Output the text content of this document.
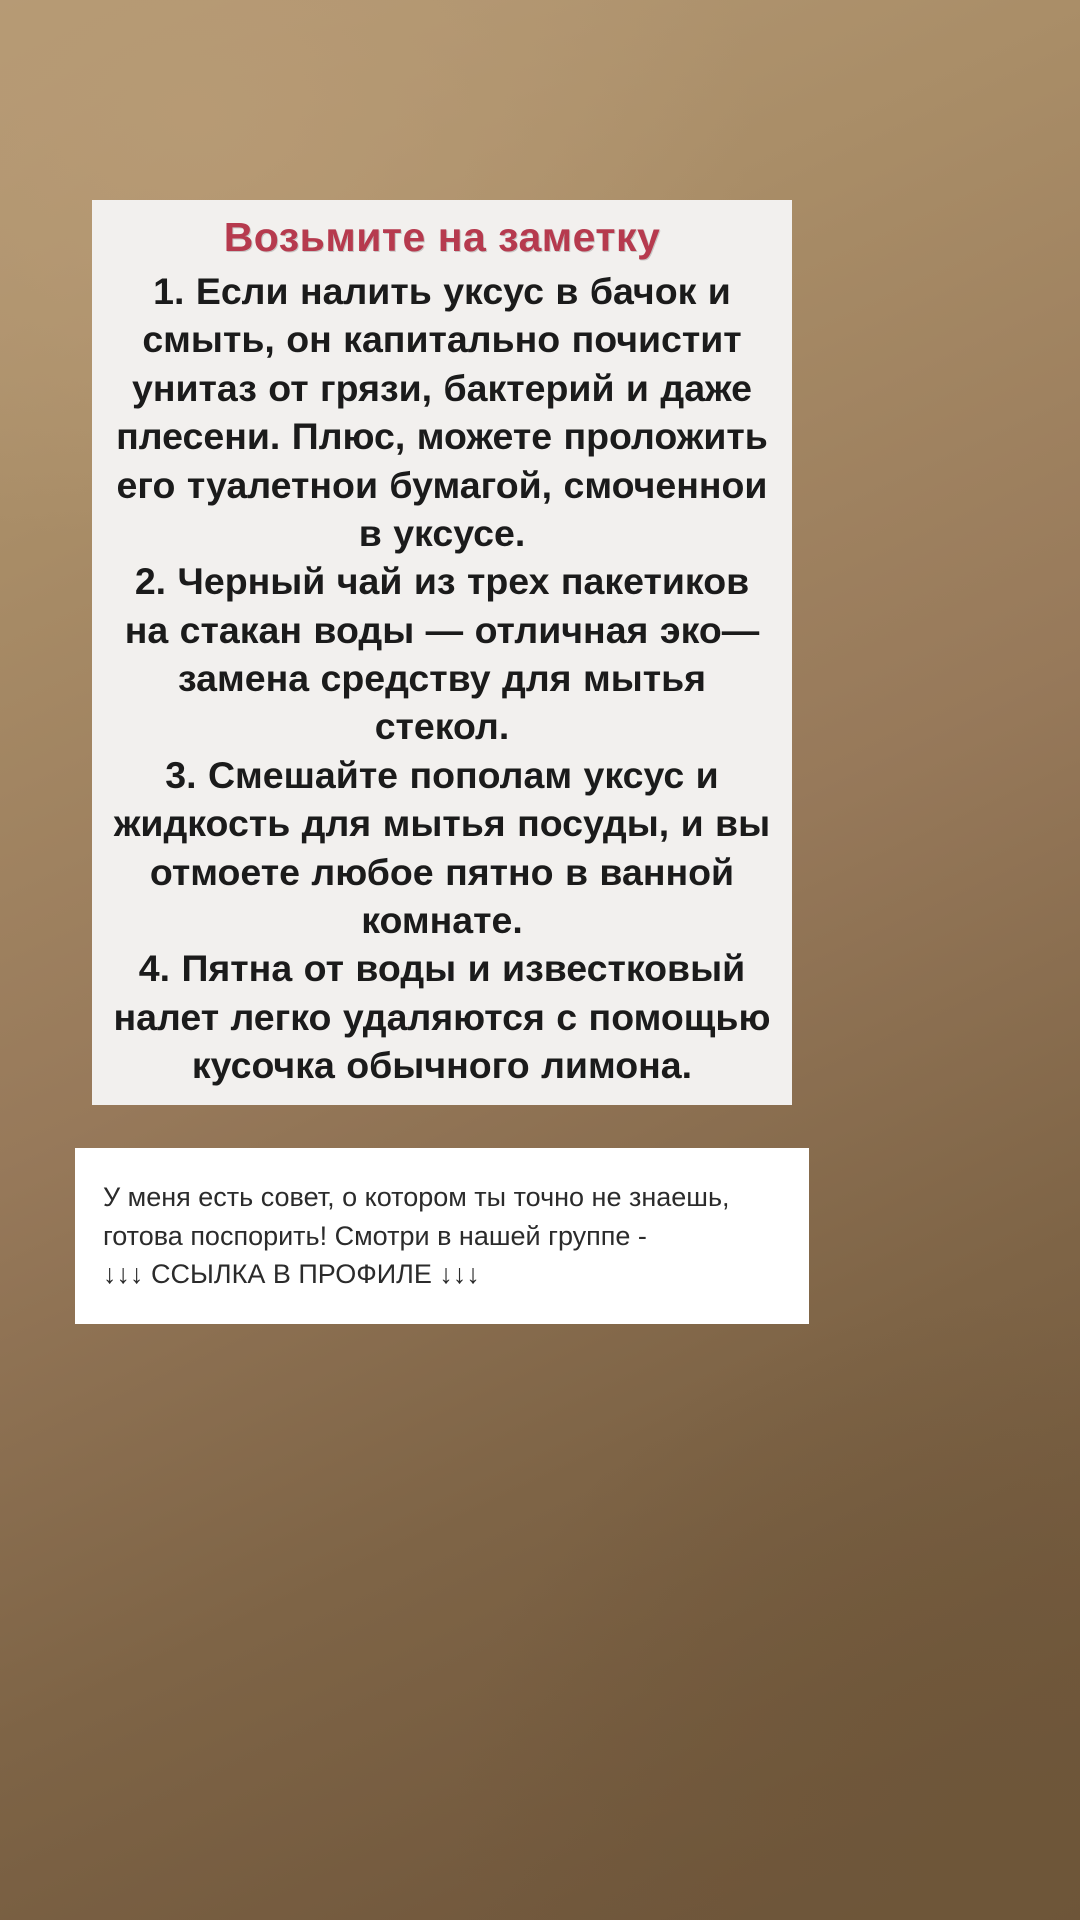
Возьмите на заметку

1. Если налить уксус в бачок и смыть, он капитально почистит унитаз от грязи, бактерий и даже плесени. Плюс, можете проложить его туалетнои бумагой, смоченнои в уксусе.

2. Черный чай из трех пакетиков на стакан воды — отличная эко—замена средству для мытья стекол.

3. Смешайте пополам уксус и жидкость для мытья посуды, и вы отмоете любое пятно в ванной комнате.

4. Пятна от воды и известковый налет легко удаляются с помощью кусочка обычного лимона.

У меня есть совет, о котором ты точно не знаешь,

готова поспорить! Смотри в нашей группе -

↓↓↓ ССЫЛКА В ПРОФИЛЕ ↓↓↓
